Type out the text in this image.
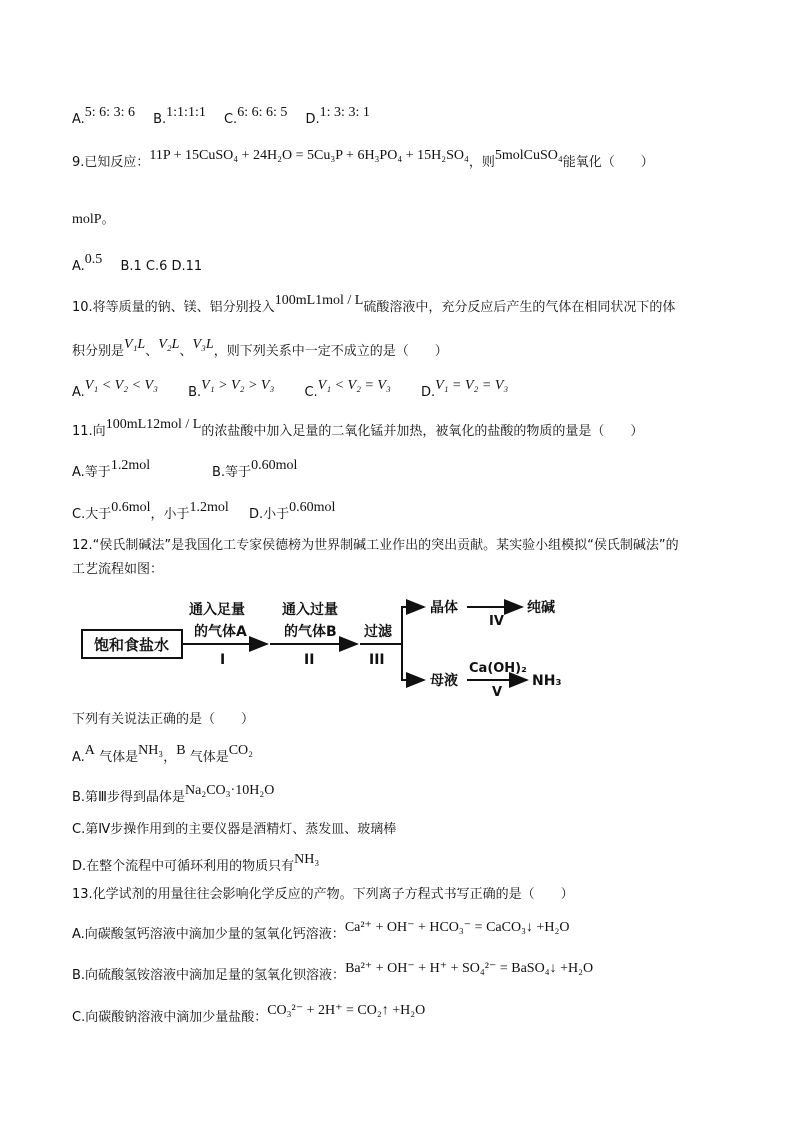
A.5: 6: 3: 6 B.1:1:1:1 C.6: 6: 6: 5 D.1: 3: 3: 1
9.已知反应：11P + 15CuSO₄ + 24H₂O = 5Cu₃P + 6H₃PO₄ + 15H₂SO₄，则5molCuSO₄能氧化（　　）
molP。
A.0.5 B.1 C.6 D.11
10.将等质量的钠、镁、铝分别投入100mL1mol / L硫酸溶液中，充分反应后产生的气体在相同状况下的体
积分别是V₁L、V₂L、V₃L，则下列关系中一定不成立的是（　　）
A.V₁ < V₂ < V₃ B.V₁ > V₂ > V₃ C.V₁ < V₂ = V₃ D.V₁ = V₂ = V₃
11.向100mL12mol / L的浓盐酸中加入足量的二氧化锰并加热，被氧化的盐酸的物质的量是（　　）
A.等于1.2mol	B.等于0.60mol
C.大于0.6mol，小于1.2mol D.小于0.60mol
12.“侯氏制碱法”是我国化工专家侯德榜为世界制碱工业作出的突出贡献。某实验小组模拟“侯氏制碱法”的
工艺流程如图：
饱和食盐水
通入足量
的气体A
I
通入过量
的气体B
II
过滤
III
晶体
IV
纯碱
母液
Ca(OH)₂
V
NH₃
下列有关说法正确的是（　　）
A.A 气体是NH₃，B 气体是CO₂
B.第Ⅲ步得到晶体是Na₂CO₃·10H₂O
C.第Ⅳ步操作用到的主要仪器是酒精灯、蒸发皿、玻璃棒
D.在整个流程中可循环利用的物质只有NH₃
13.化学试剂的用量往往会影响化学反应的产物。下列离子方程式书写正确的是（　　）
A.向碳酸氢钙溶液中滴加少量的氢氧化钙溶液：Ca²⁺ + OH⁻ + HCO₃⁻ = CaCO₃↓ +H₂O
B.向硫酸氢铵溶液中滴加足量的氢氧化钡溶液：Ba²⁺ + OH⁻ + H⁺ + SO₄²⁻ = BaSO₄↓ +H₂O
C.向碳酸钠溶液中滴加少量盐酸：CO₃²⁻ + 2H⁺ = CO₂↑ +H₂O
